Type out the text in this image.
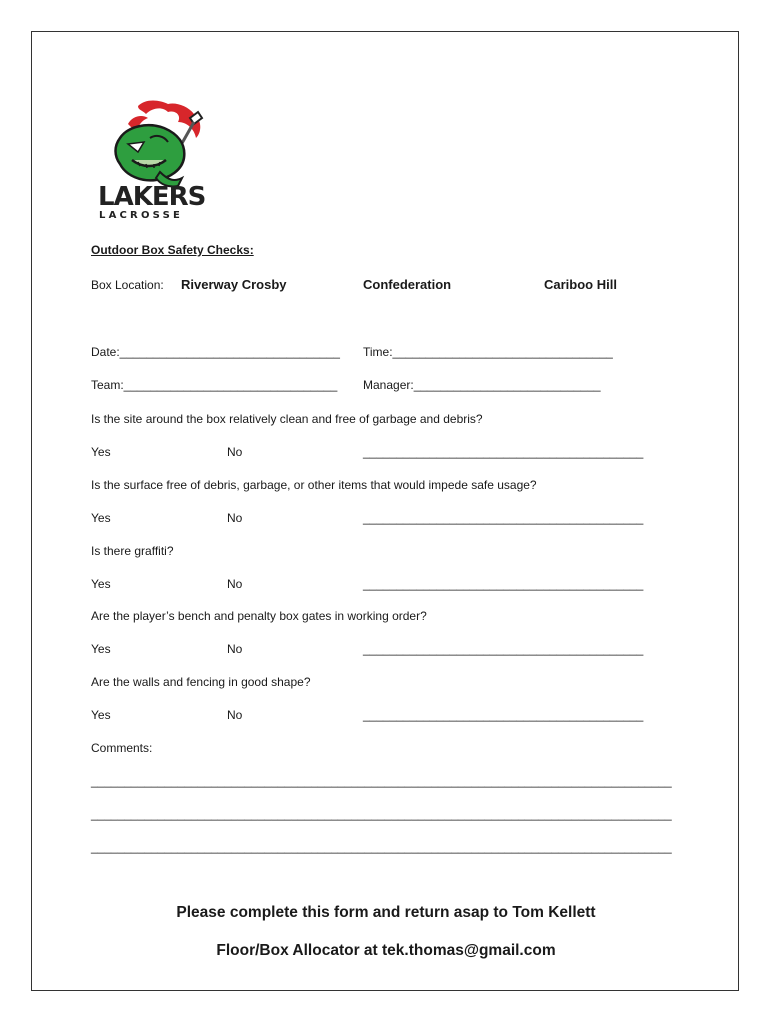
LAKERS
LACROSSE
Outdoor Box Safety Checks:
Box Location: Riverway Crosby	Confederation	Cariboo Hill
Date:_________________________________ Time:_________________________________
Team:________________________________ Manager:____________________________
Is the site around the box relatively clean and free of garbage and debris?
Yes	No	__________________________________________
Is the surface free of debris, garbage, or other items that would impede safe usage?
Yes	No	__________________________________________
Is there graffiti?
Yes	No	__________________________________________
Are the player’s bench and penalty box gates in working order?
Yes	No	__________________________________________
Are the walls and fencing in good shape?
Yes	No	__________________________________________
Comments:
_______________________________________________________________________________________
_______________________________________________________________________________________
_______________________________________________________________________________________
Please complete this form and return asap to Tom Kellett
Floor/Box Allocator at tek.thomas@gmail.com
